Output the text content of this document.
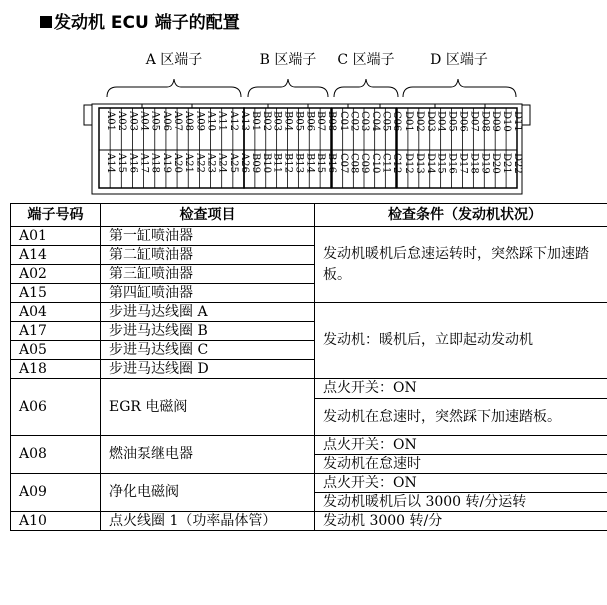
发动机 ECU 端子的配置
A01 A02 A03 A04 A05 A06 A07 A08 A09 A10 A11 A12 A13
A14 A15 A16 A17 A18 A19 A20 A21 A22 A23 A24 A25 A26
B01 B02 B03 B04 B05 B06 B07 B08
B09 B10 B11 B12 B13 B14 B15 B16
C01 C02 C03 C04 C05 C06
C07 C08 C09 C10 C11 C12
D01 D02 D03 D04 D05 D06 D07 D08 D09 D10 D11
D12 D13 D14 D15 D16 D17 D18 D19 D20 D21 D22
A 区端子	B 区端子 C 区端子	D 区端子
端子号码	检查项目	检查条件（发动机状况）
A01	第一缸喷油器	发动机暖机后怠速运转时，突然踩下加速踏板。
A14	第二缸喷油器	
A02	第三缸喷油器	
A15	第四缸喷油器	
A04	步进马达线圈 A	发动机：暖机后，立即起动发动机
A17	步进马达线圈 B	
A05	步进马达线圈 C	
A18	步进马达线圈 D	
A06	EGR 电磁阀	点火开关：ON
		发动机在怠速时，突然踩下加速踏板。
A08	燃油泵继电器	点火开关：ON
		发动机在怠速时
A09	净化电磁阀	点火开关：ON
		发动机暖机后以 3000 转/分运转
A10	点火线圈 1（功率晶体管）	发动机 3000 转/分
